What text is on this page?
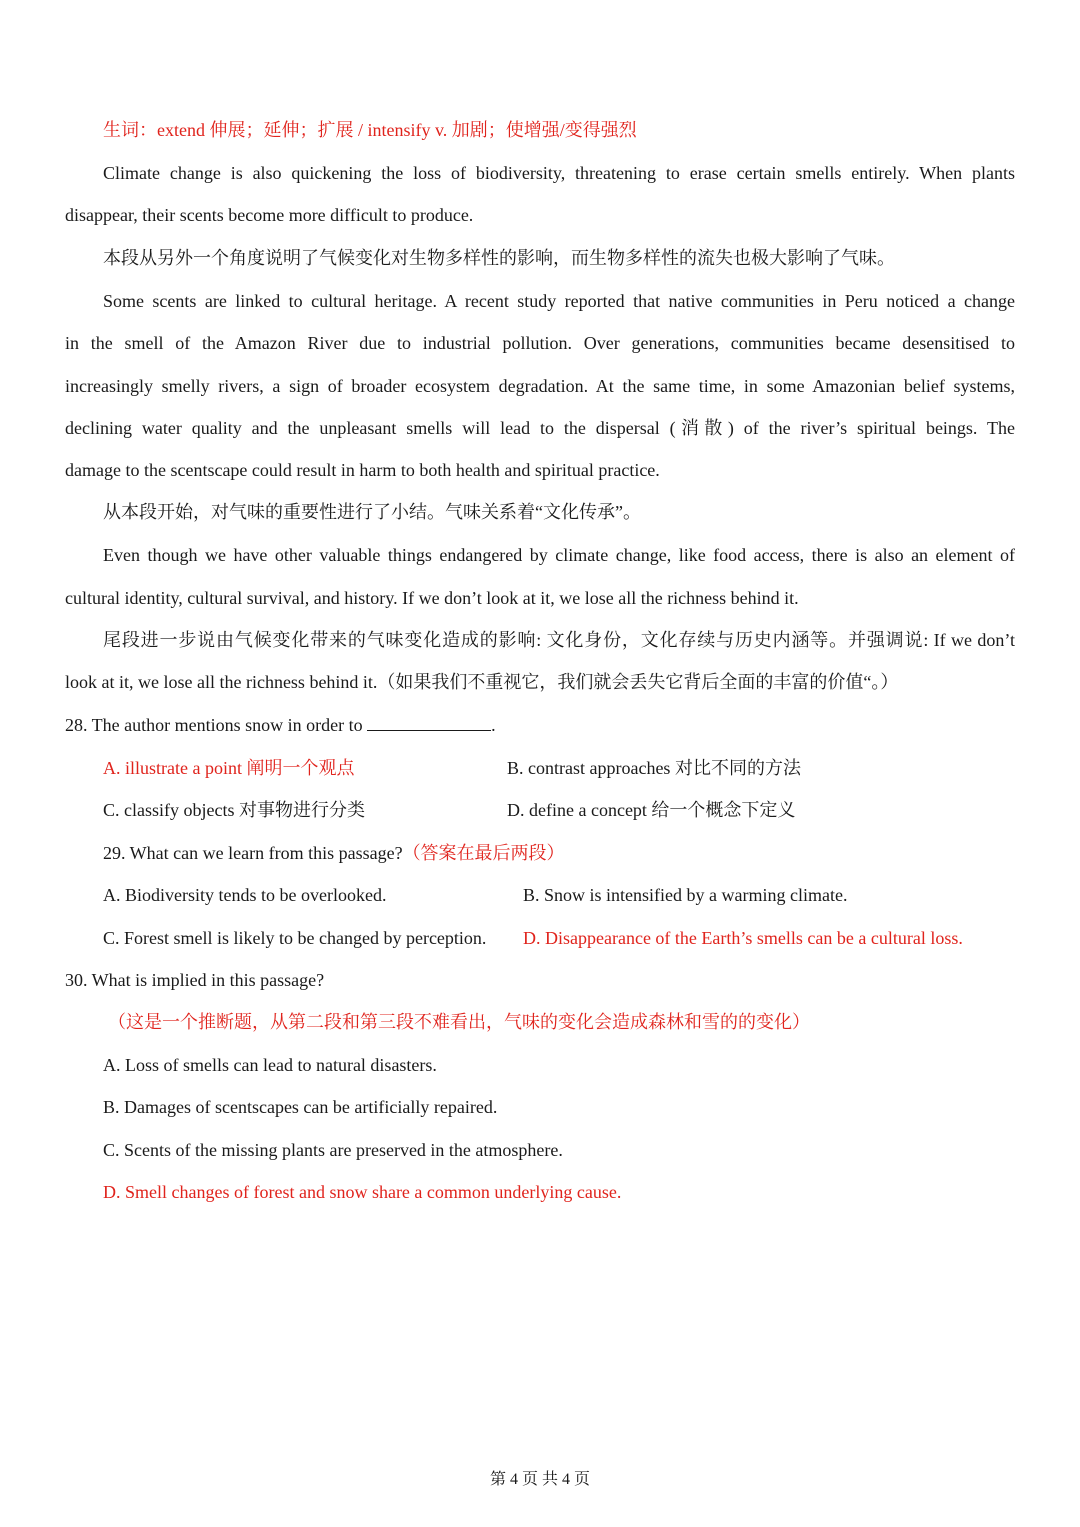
生词：extend 伸展；延伸；扩展 / intensify v. 加剧；使增强/变得强烈
Climate change is also quickening the loss of biodiversity, threatening to erase certain smells entirely. When plants
disappear, their scents become more difficult to produce.
本段从另外一个角度说明了气候变化对生物多样性的影响，而生物多样性的流失也极大影响了气味。
Some scents are linked to cultural heritage. A recent study reported that native communities in Peru noticed a change
in the smell of the Amazon River due to industrial pollution. Over generations, communities became desensitised to
increasingly smelly rivers, a sign of broader ecosystem degradation. At the same time, in some Amazonian belief systems,
declining water quality and the unpleasant smells will lead to the dispersal (消散) of the river’s spiritual beings. The
damage to the scentscape could result in harm to both health and spiritual practice.
从本段开始，对气味的重要性进行了小结。气味关系着“文化传承”。
Even though we have other valuable things endangered by climate change, like food access, there is also an element of
cultural identity, cultural survival, and history. If we don’t look at it, we lose all the richness behind it.
尾段进一步说由气候变化带来的气味变化造成的影响: 文化身份，文化存续与历史内涵等。并强调说: If we don’t
look at it, we lose all the richness behind it.（如果我们不重视它，我们就会丢失它背后全面的丰富的价值“。）
28. The author mentions snow in order to	.
A. illustrate a point 阐明一个观点	B. contrast approaches 对比不同的方法
C. classify objects 对事物进行分类	D. define a concept 给一个概念下定义
29. What can we learn from this passage?（答案在最后两段）
A. Biodiversity tends to be overlooked.	B. Snow is intensified by a warming climate.
C. Forest smell is likely to be changed by perception. D. Disappearance of the Earth’s smells can be a cultural loss.
30. What is implied in this passage?
（这是一个推断题，从第二段和第三段不难看出，气味的变化会造成森林和雪的的变化）
A. Loss of smells can lead to natural disasters.
B. Damages of scentscapes can be artificially repaired.
C. Scents of the missing plants are preserved in the atmosphere.
D. Smell changes of forest and snow share a common underlying cause.
第 4 页 共 4 页
